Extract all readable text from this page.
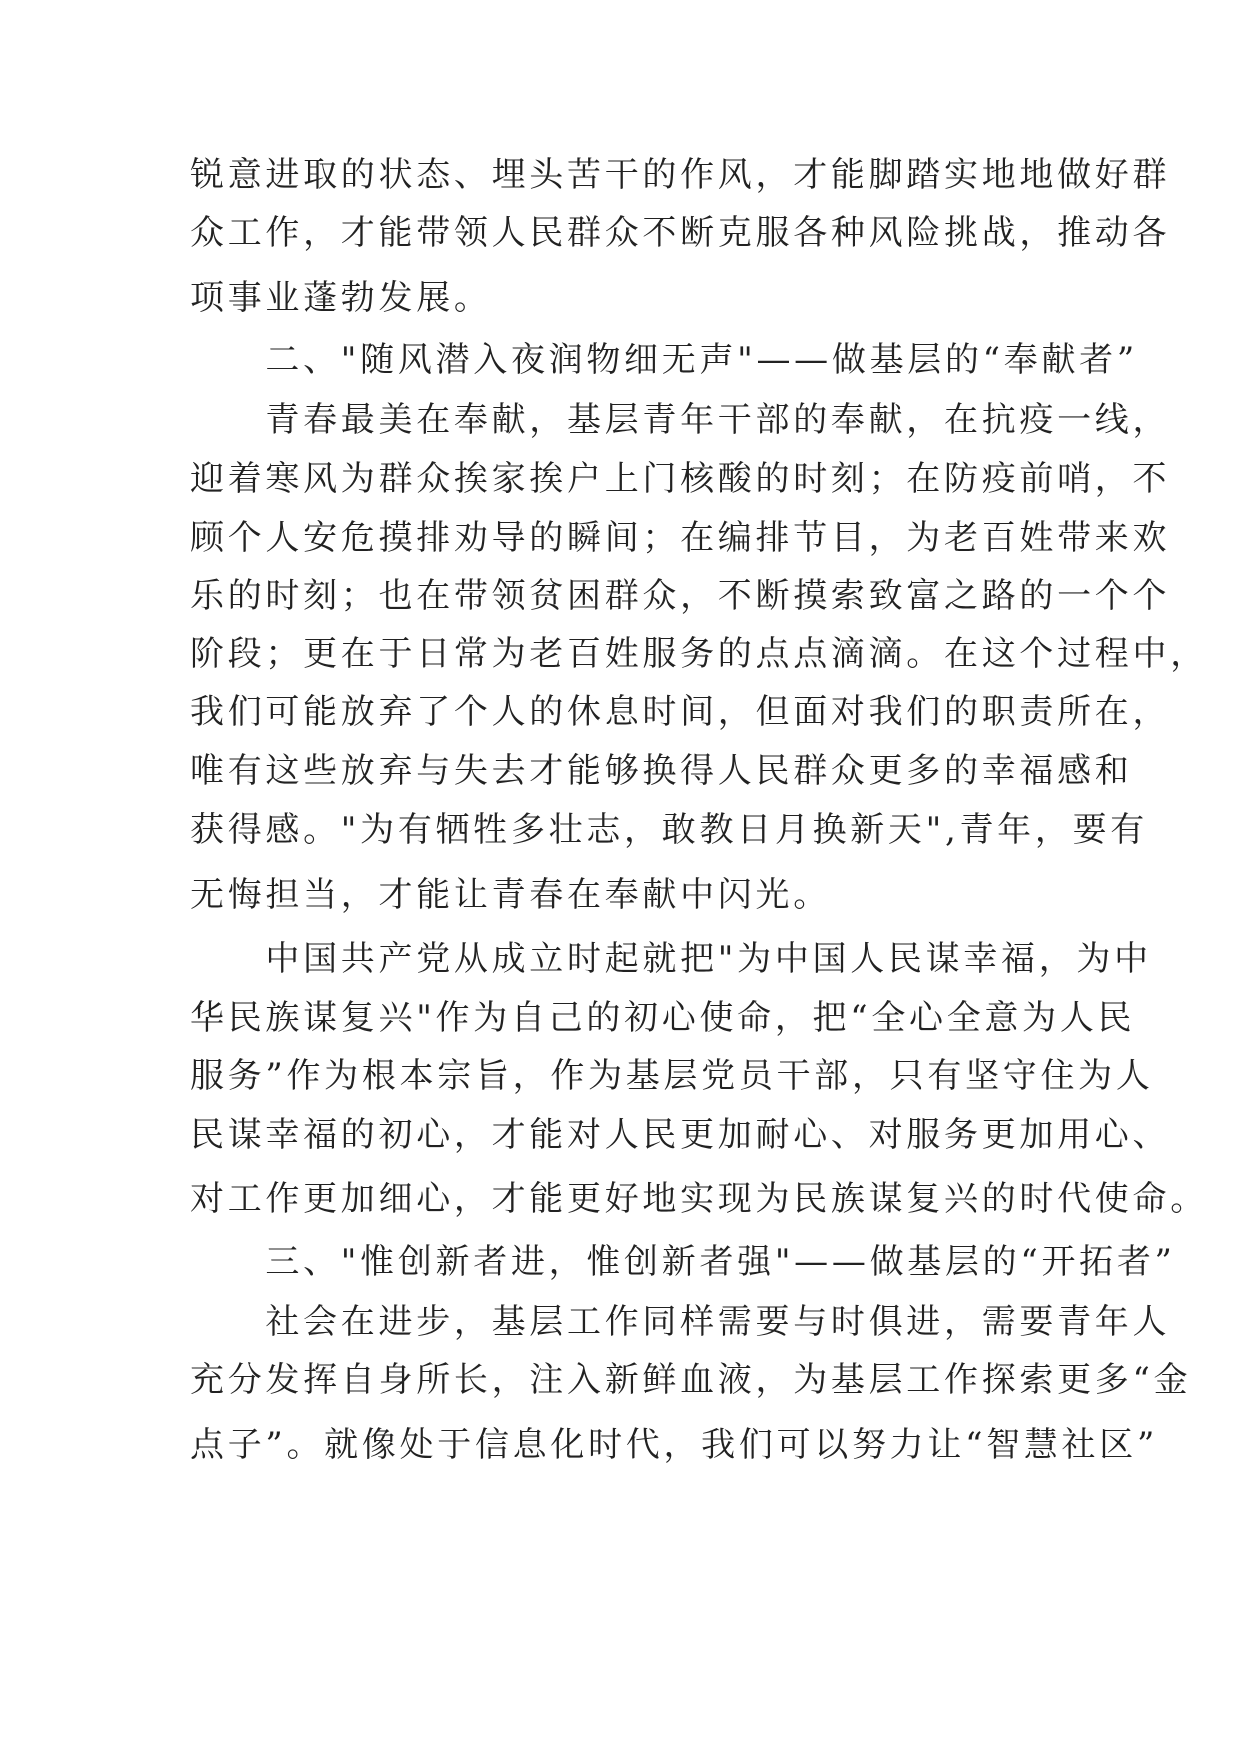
锐意进取的状态、埋头苦干的作风，才能脚踏实地地做好群
众工作，才能带领人民群众不断克服各种风险挑战，推动各
项事业蓬勃发展。
　　二、"随风潜入夜润物细无声"——做基层的“奉献者”
　　青春最美在奉献，基层青年干部的奉献，在抗疫一线，
迎着寒风为群众挨家挨户上门核酸的时刻；在防疫前哨，不
顾个人安危摸排劝导的瞬间；在编排节目，为老百姓带来欢
乐的时刻；也在带领贫困群众，不断摸索致富之路的一个个
阶段；更在于日常为老百姓服务的点点滴滴。在这个过程中，
我们可能放弃了个人的休息时间，但面对我们的职责所在，
唯有这些放弃与失去才能够换得人民群众更多的幸福感和
获得感。"为有牺牲多壮志，敢教日月换新天",青年，要有
无悔担当，才能让青春在奉献中闪光。
　　中国共产党从成立时起就把"为中国人民谋幸福，为中
华民族谋复兴"作为自己的初心使命，把“全心全意为人民
服务”作为根本宗旨，作为基层党员干部，只有坚守住为人
民谋幸福的初心，才能对人民更加耐心、对服务更加用心、
对工作更加细心，才能更好地实现为民族谋复兴的时代使命。
　　三、"惟创新者进，惟创新者强"——做基层的“开拓者”
　　社会在进步，基层工作同样需要与时俱进，需要青年人
充分发挥自身所长，注入新鲜血液，为基层工作探索更多“金
点子”。就像处于信息化时代，我们可以努力让“智慧社区”
